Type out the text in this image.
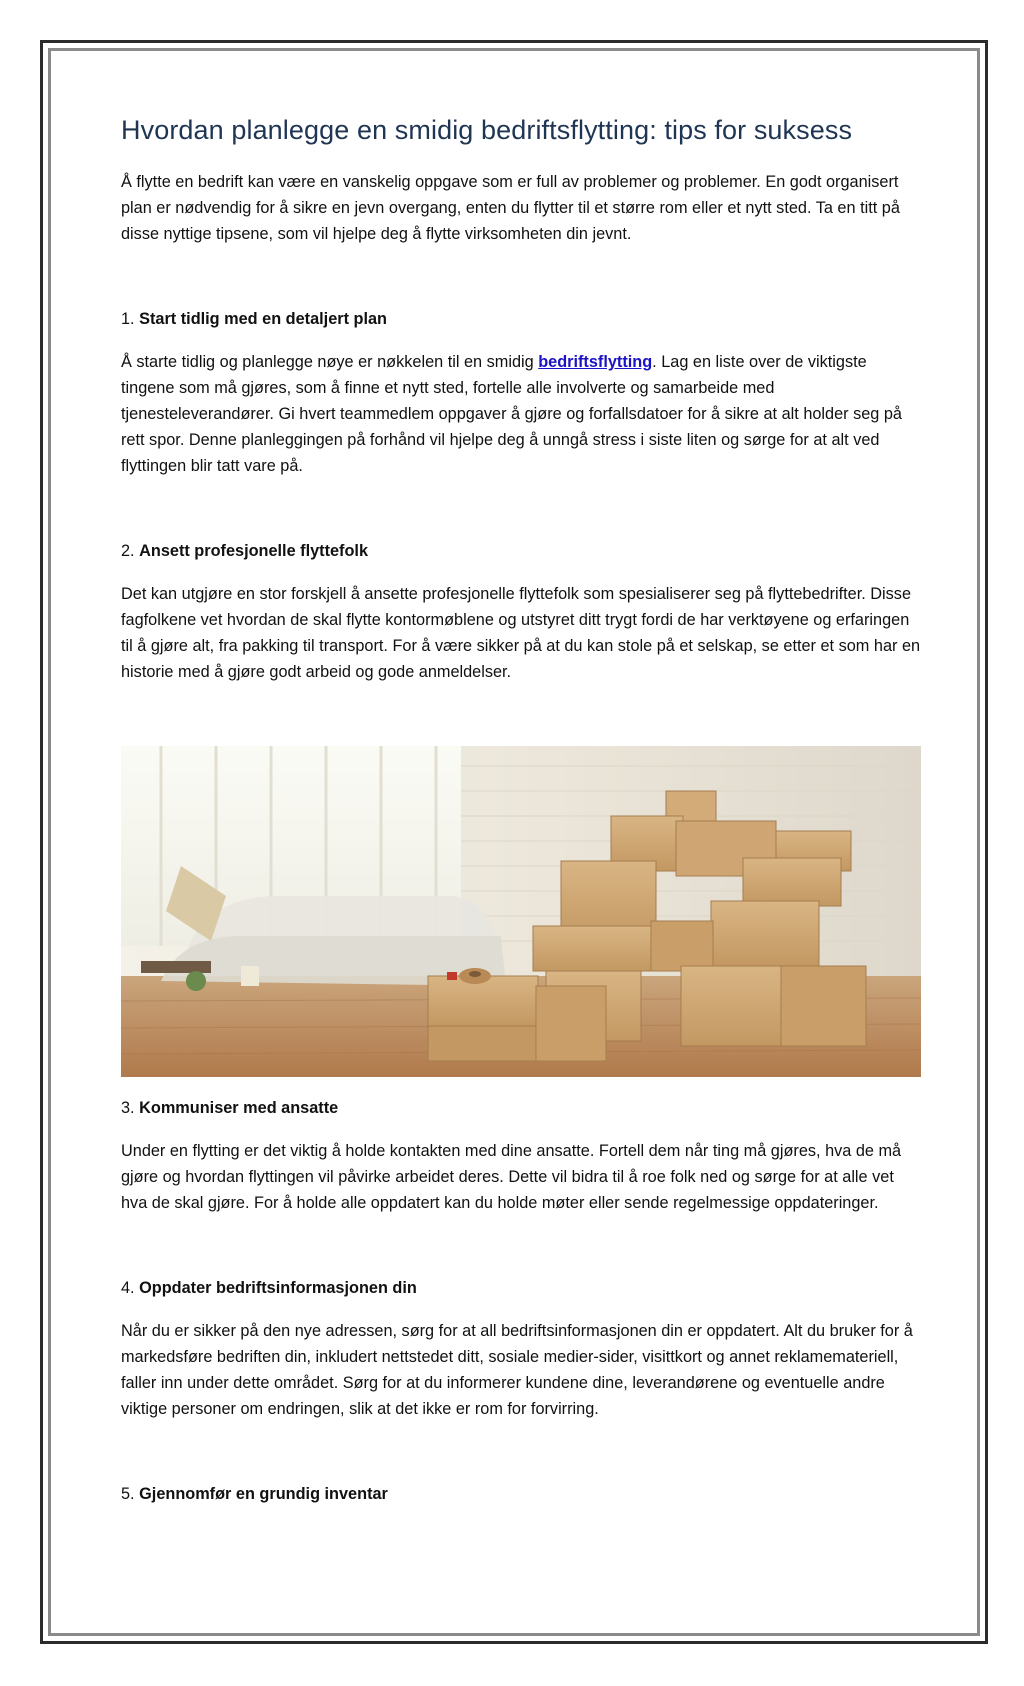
Hvordan planlegge en smidig bedriftsflytting: tips for suksess

Å flytte en bedrift kan være en vanskelig oppgave som er full av problemer og problemer. En godt organisert plan er nødvendig for å sikre en jevn overgang, enten du flytter til et større rom eller et nytt sted. Ta en titt på disse nyttige tipsene, som vil hjelpe deg å flytte virksomheten din jevnt.

1. Start tidlig med en detaljert plan

Å starte tidlig og planlegge nøye er nøkkelen til en smidig bedriftsflytting. Lag en liste over de viktigste tingene som må gjøres, som å finne et nytt sted, fortelle alle involverte og samarbeide med tjenesteleverandører. Gi hvert teammedlem oppgaver å gjøre og forfallsdatoer for å sikre at alt holder seg på rett spor. Denne planleggingen på forhånd vil hjelpe deg å unngå stress i siste liten og sørge for at alt ved flyttingen blir tatt vare på.

2. Ansett profesjonelle flyttefolk

Det kan utgjøre en stor forskjell å ansette profesjonelle flyttefolk som spesialiserer seg på flyttebedrifter. Disse fagfolkene vet hvordan de skal flytte kontormøblene og utstyret ditt trygt fordi de har verktøyene og erfaringen til å gjøre alt, fra pakking til transport. For å være sikker på at du kan stole på et selskap, se etter et som har en historie med å gjøre godt arbeid og gode anmeldelser.

3. Kommuniser med ansatte

Under en flytting er det viktig å holde kontakten med dine ansatte. Fortell dem når ting må gjøres, hva de må gjøre og hvordan flyttingen vil påvirke arbeidet deres. Dette vil bidra til å roe folk ned og sørge for at alle vet hva de skal gjøre. For å holde alle oppdatert kan du holde møter eller sende regelmessige oppdateringer.

4. Oppdater bedriftsinformasjonen din

Når du er sikker på den nye adressen, sørg for at all bedriftsinformasjonen din er oppdatert. Alt du bruker for å markedsføre bedriften din, inkludert nettstedet ditt, sosiale medier-sider, visittkort og annet reklamemateriell, faller inn under dette området. Sørg for at du informerer kundene dine, leverandørene og eventuelle andre viktige personer om endringen, slik at det ikke er rom for forvirring.

5. Gjennomfør en grundig inventar
